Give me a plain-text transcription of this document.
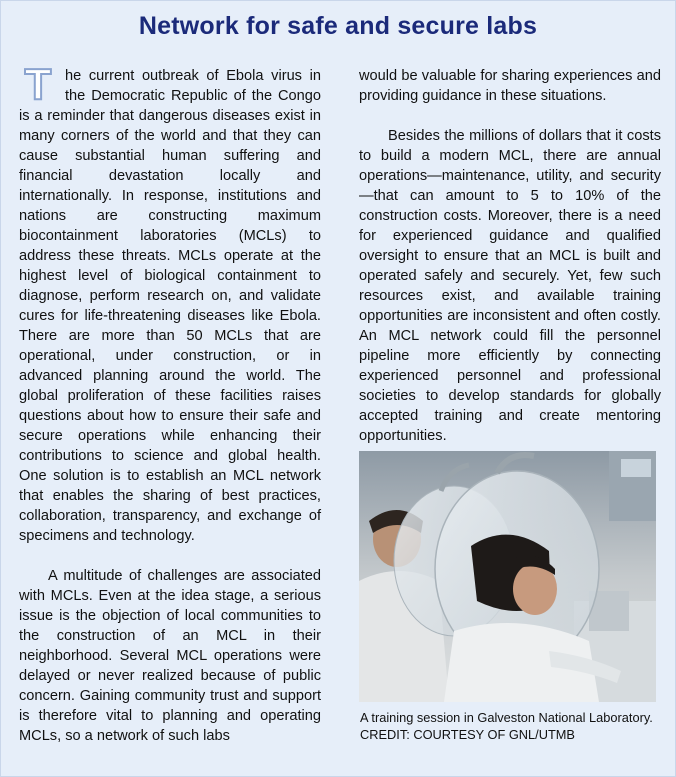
Network for safe and secure labs

T he current outbreak of Ebola virus in the Democratic Republic of the Congo is a reminder that dangerous diseases exist in many corners of the world and that they can cause substantial human suffering and financial devastation locally and internationally. In response, institutions and nations are constructing maximum biocontainment laboratories (MCLs) to address these threats. MCLs operate at the highest level of biological containment to diagnose, perform research on, and validate cures for life-threatening diseases like Ebola. There are more than 50 MCLs that are operational, under construction, or in advanced planning around the world. The global proliferation of these facilities raises questions about how to ensure their safe and secure operations while enhancing their contributions to science and global health. One solution is to establish an MCL network that enables the sharing of best practices, collaboration, transparency, and exchange of specimens and technology.

A multitude of challenges are associated with MCLs. Even at the idea stage, a serious issue is the objection of local communities to the construction of an MCL in their neighborhood. Several MCL operations were delayed or never realized because of public concern. Gaining community trust and support is therefore vital to planning and operating MCLs, so a network of such labs

would be valuable for sharing experiences and providing guidance in these situations.

Besides the millions of dollars that it costs to build a modern MCL, there are annual operations—maintenance, utility, and security—that can amount to 5 to 10% of the construction costs. Moreover, there is a need for experienced guidance and qualified oversight to ensure that an MCL is built and operated safely and securely. Yet, few such resources exist, and available training opportunities are inconsistent and often costly. An MCL network could fill the personnel pipeline more efficiently by connecting experienced personnel and professional societies to develop standards for globally accepted training and create mentoring opportunities.

A training session in Galveston National Laboratory.
CREDIT: COURTESY OF GNL/UTMB
